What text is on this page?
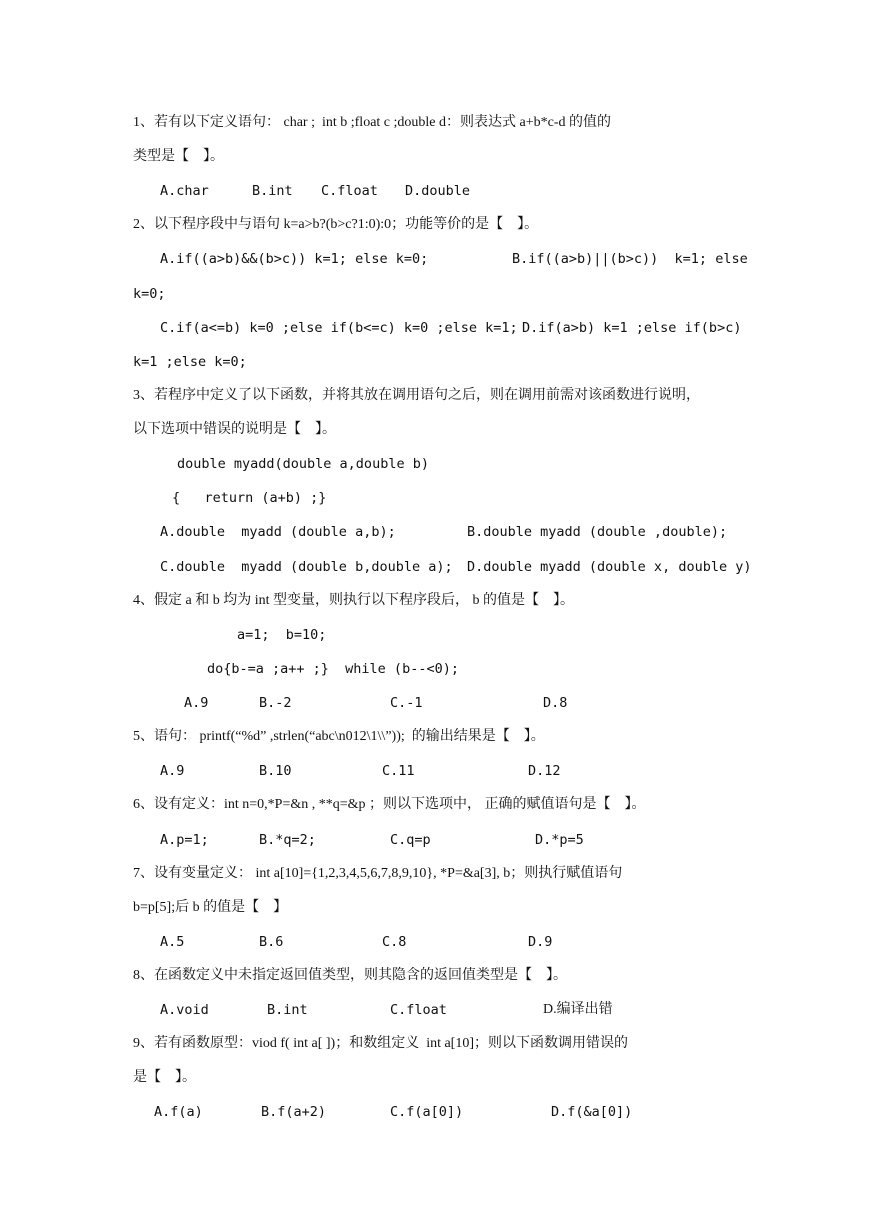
1、若有以下定义语句： char ;  int b ;float c ;double d：则表达式 a+b*c-d 的值的
类型是【    】。
A.char	B.int C.float D.double
2、以下程序段中与语句 k=a>b?(b>c?1:0):0；功能等价的是【    】。
A.if((a>b)&&(b>c)) k=1; else k=0;	B.if((a>b)||(b>c))  k=1; else
k=0;
C.if(a<=b) k=0 ;else if(b<=c) k=0 ;else k=1; D.if(a>b) k=1 ;else if(b>c)
k=1 ;else k=0;
3、若程序中定义了以下函数，并将其放在调用语句之后，则在调用前需对该函数进行说明，
以下选项中错误的说明是【    】。
double myadd(double a,double b)
{   return (a+b) ;}
A.double  myadd (double a,b);	B.double myadd (double ,double);
C.double  myadd (double b,double a); D.double myadd (double x, double y)
4、假定 a 和 b 均为 int 型变量，则执行以下程序段后， b 的值是【    】。
a=1;  b=10;
do{b-=a ;a++ ;}  while (b--<0);
A.9	B.-2	C.-1	D.8
5、语句： printf(“%d” ,strlen(“abc\n012\1\\”));  的输出结果是【    】。
A.9	B.10	C.11	D.12
6、设有定义：int n=0,*P=&n , **q=&p ；则以下选项中， 正确的赋值语句是【    】。
A.p=1;	B.*q=2;	C.q=p	D.*p=5
7、设有变量定义： int a[10]={1,2,3,4,5,6,7,8,9,10}, *P=&a[3], b；则执行赋值语句
b=p[5];后 b 的值是【    】
A.5	B.6	C.8	D.9
8、在函数定义中未指定返回值类型，则其隐含的返回值类型是【    】。
A.void	B.int	C.float	D.编译出错
9、若有函数原型：viod f( int a[ ])；和数组定义  int a[10]；则以下函数调用错误的
是【    】。
A.f(a)	B.f(a+2)	C.f(a[0])	D.f(&a[0])
